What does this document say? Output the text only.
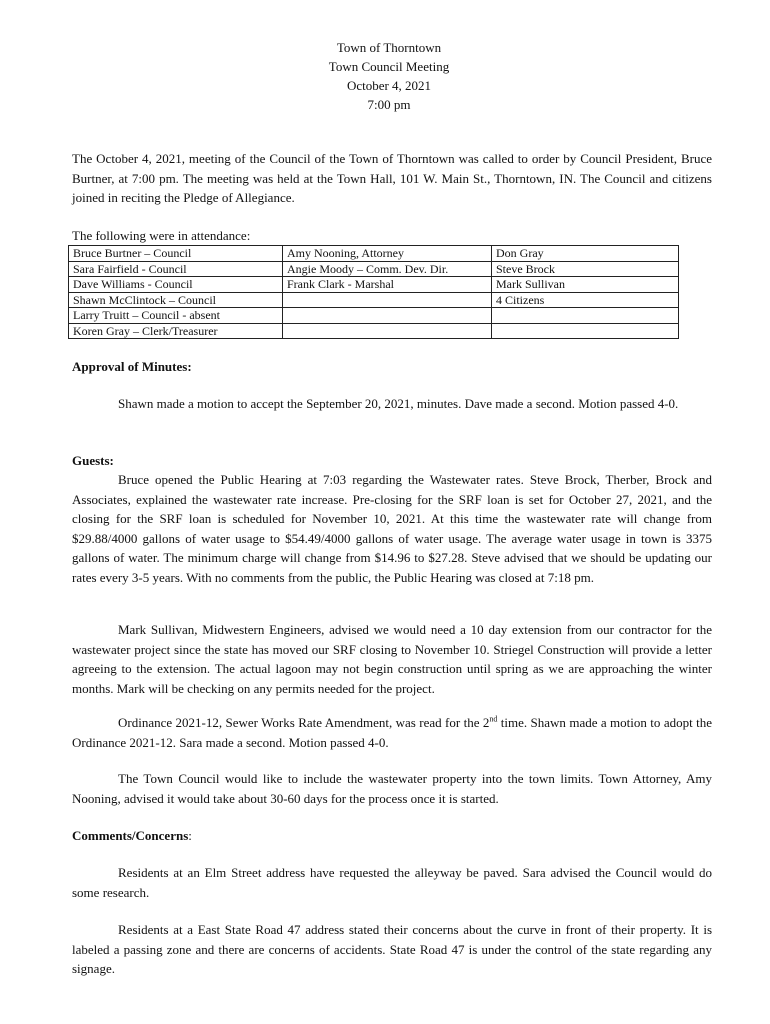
Town of Thorntown
Town Council Meeting
October 4, 2021
7:00 pm
The October 4, 2021, meeting of the Council of the Town of Thorntown was called to order by Council President, Bruce Burtner, at 7:00 pm. The meeting was held at the Town Hall, 101 W. Main St., Thorntown, IN. The Council and citizens joined in reciting the Pledge of Allegiance.
The following were in attendance:
Bruce Burtner – Council	Amy Nooning, Attorney	Don Gray
Sara Fairfield - Council	Angie Moody – Comm. Dev. Dir.	Steve Brock
Dave Williams - Council	Frank Clark - Marshal	Mark Sullivan
Shawn McClintock – Council		4 Citizens
Larry Truitt – Council - absent		
Koren Gray – Clerk/Treasurer		
Approval of Minutes:
Shawn made a motion to accept the September 20, 2021, minutes. Dave made a second. Motion passed 4-0.
Guests:
Bruce opened the Public Hearing at 7:03 regarding the Wastewater rates. Steve Brock, Therber, Brock and Associates, explained the wastewater rate increase. Pre-closing for the SRF loan is set for October 27, 2021, and the closing for the SRF loan is scheduled for November 10, 2021. At this time the wastewater rate will change from $29.88/4000 gallons of water usage to $54.49/4000 gallons of water usage. The average water usage in town is 3375 gallons of water. The minimum charge will change from $14.96 to $27.28. Steve advised that we should be updating our rates every 3-5 years. With no comments from the public, the Public Hearing was closed at 7:18 pm.
Mark Sullivan, Midwestern Engineers, advised we would need a 10 day extension from our contractor for the wastewater project since the state has moved our SRF closing to November 10. Striegel Construction will provide a letter agreeing to the extension. The actual lagoon may not begin construction until spring as we are approaching the winter months. Mark will be checking on any permits needed for the project.
Ordinance 2021-12, Sewer Works Rate Amendment, was read for the 2nd time. Shawn made a motion to adopt the Ordinance 2021-12. Sara made a second. Motion passed 4-0.
The Town Council would like to include the wastewater property into the town limits. Town Attorney, Amy Nooning, advised it would take about 30-60 days for the process once it is started.
Comments/Concerns:
Residents at an Elm Street address have requested the alleyway be paved. Sara advised the Council would do some research.
Residents at a East State Road 47 address stated their concerns about the curve in front of their property. It is labeled a passing zone and there are concerns of accidents. State Road 47 is under the control of the state regarding any signage.
